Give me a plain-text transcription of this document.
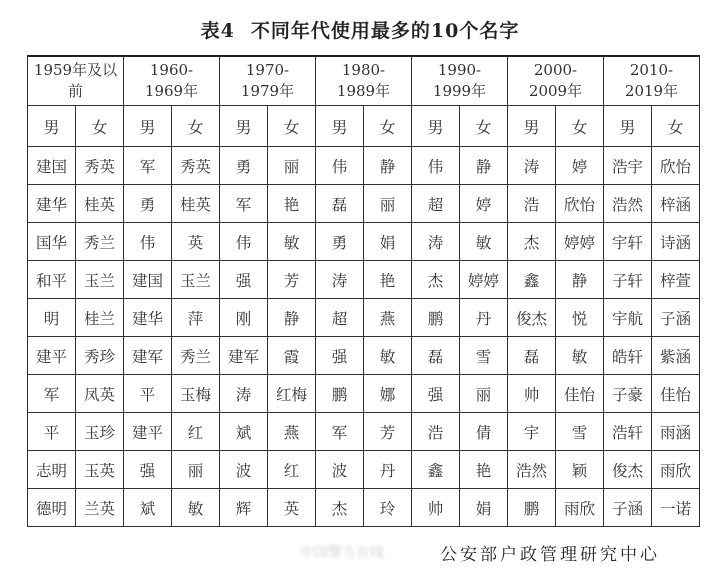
表4 不同年代使用最多的10个名字
1959年及以前		1960-1969年		1970-1979年		1980-1989年		1990-1999年		2000-2009年		2010-2019年	
男	女	男	女	男	女	男	女	男	女	男	女	男	女
建国	秀英	军	秀英	勇	丽	伟	静	伟	静	涛	婷	浩宇	欣怡
建华	桂英	勇	桂英	军	艳	磊	丽	超	婷	浩	欣怡	浩然	梓涵
国华	秀兰	伟	英	伟	敏	勇	娟	涛	敏	杰	婷婷	宇轩	诗涵
和平	玉兰	建国	玉兰	强	芳	涛	艳	杰	婷婷	鑫	静	子轩	梓萱
明	桂兰	建华	萍	刚	静	超	燕	鹏	丹	俊杰	悦	宇航	子涵
建平	秀珍	建军	秀兰	建军	霞	强	敏	磊	雪	磊	敏	皓轩	紫涵
军	凤英	平	玉梅	涛	红梅	鹏	娜	强	丽	帅	佳怡	子豪	佳怡
平	玉珍	建平	红	斌	燕	军	芳	浩	倩	宇	雪	浩轩	雨涵
志明	玉英	强	丽	波	红	波	丹	鑫	艳	浩然	颖	俊杰	雨欣
德明	兰英	斌	敏	辉	英	杰	玲	帅	娟	鹏	雨欣	子涵	一诺
中国警方在线	公安部户政管理研究中心
